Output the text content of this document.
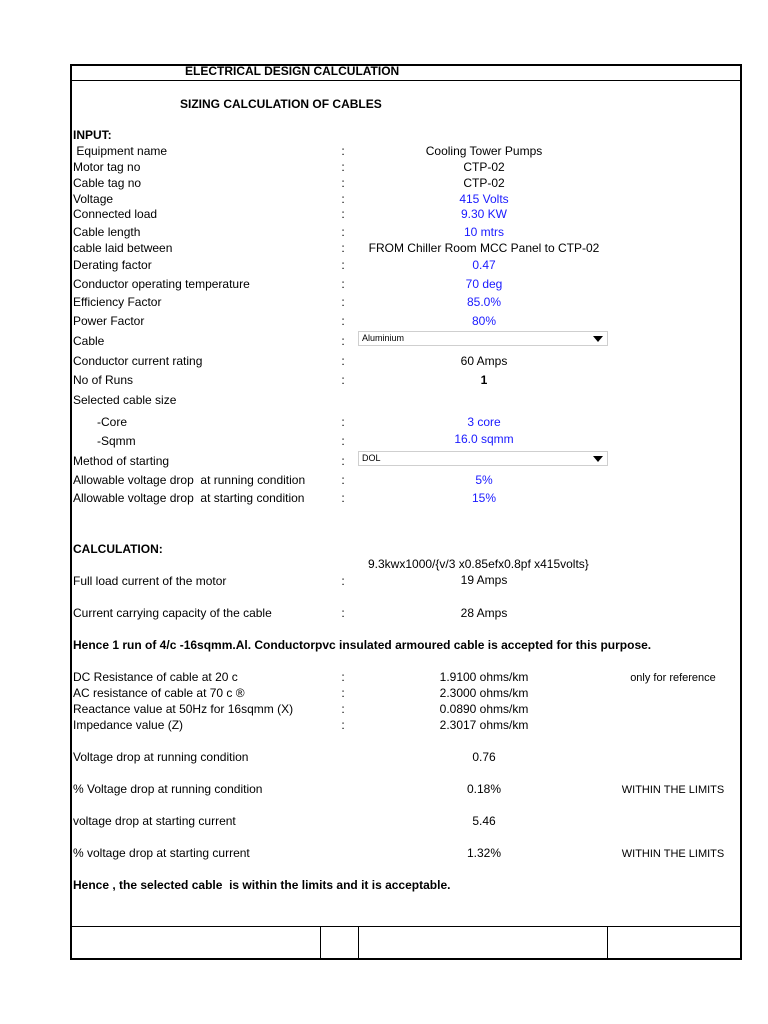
ELECTRICAL DESIGN CALCULATION
SIZING CALCULATION OF CABLES
INPUT:
Equipment name	:	Cooling Tower Pumps
Motor tag no	:	CTP-02
Cable tag no	:	CTP-02
Voltage	:	415 Volts
Connected load	:	9.30 KW
Cable length	:	10 mtrs
cable laid between	:	FROM Chiller Room MCC Panel to CTP-02
Derating factor	:	0.47
Conductor operating temperature	:	70 deg
Efficiency Factor	:	85.0%
Power Factor	:	80%
Cable	:	Aluminium
Conductor current rating	:	60 Amps
No of Runs	:	1
Selected cable size
-Core	:	3 core
-Sqmm	:	16.0 sqmm
Method of starting	:	DOL
Allowable voltage drop  at running condition	:	5%
Allowable voltage drop  at starting condition	:	15%
CALCULATION:
9.3kwx1000/{v/3 x0.85efx0.8pf x415volts}
Full load current of the motor	:	19 Amps
Current carrying capacity of the cable	:	28 Amps
Hence 1 run of 4/c -16sqmm.Al. Conductorpvc insulated armoured cable is accepted for this purpose.
DC Resistance of cable at 20 c	:	1.9100 ohms/km	only for reference
AC resistance of cable at 70 c ®	:	2.3000 ohms/km
Reactance value at 50Hz for 16sqmm (X)	:	0.0890 ohms/km
Impedance value (Z)	:	2.3017 ohms/km
Voltage drop at running condition	0.76
% Voltage drop at running condition	0.18%	WITHIN THE LIMITS
voltage drop at starting current	5.46
% voltage drop at starting current	1.32%	WITHIN THE LIMITS
Hence , the selected cable  is within the limits and it is acceptable.
